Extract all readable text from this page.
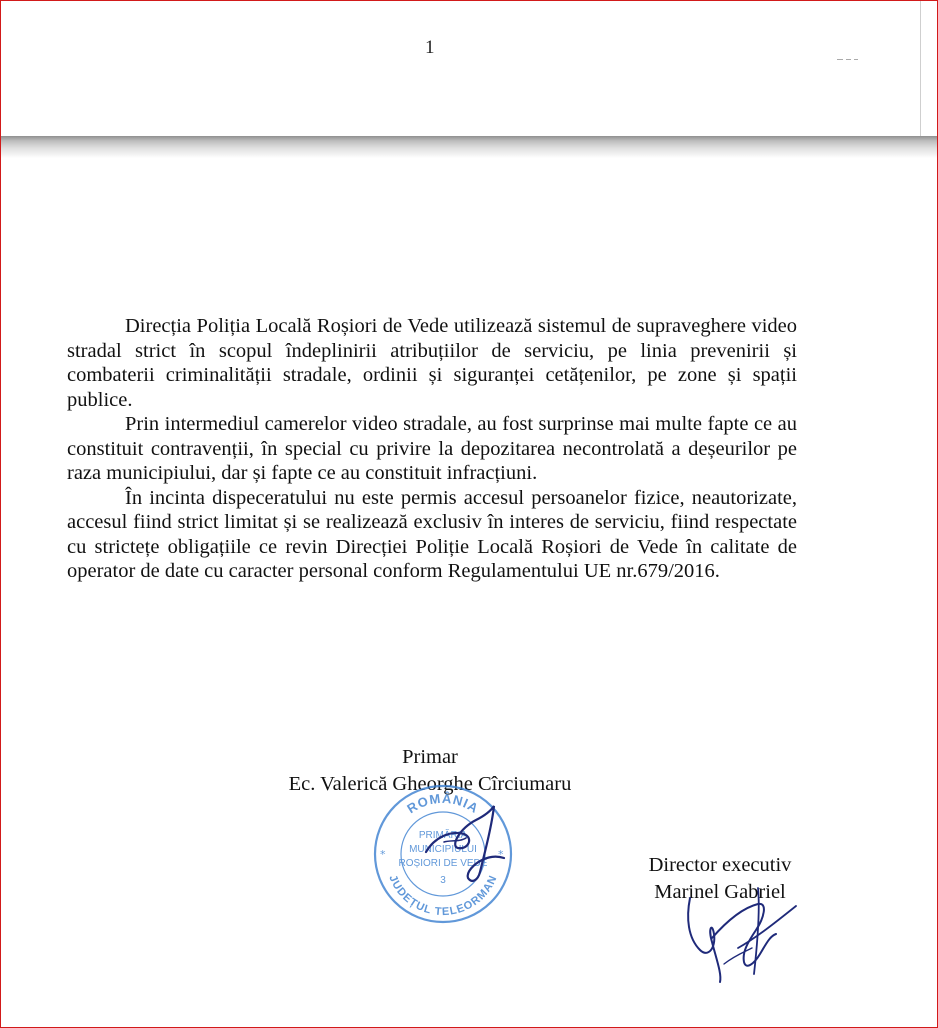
1

Direcția Poliția Locală Roșiori de Vede utilizează sistemul de supraveghere video stradal strict în scopul îndeplinirii atribuțiilor de serviciu, pe linia prevenirii și combaterii criminalității stradale, ordinii și siguranței cetățenilor, pe zone și spații publice.

Prin intermediul camerelor video stradale, au fost surprinse mai multe fapte ce au constituit contravenții, în special cu privire la depozitarea necontrolată a deșeurilor pe raza municipiului, dar și fapte ce au constituit infracțiuni.

În incinta dispeceratului nu este permis accesul persoanelor fizice, neautorizate, accesul fiind strict limitat și se realizează exclusiv în interes de serviciu, fiind respectate cu strictețe obligațiile ce revin Direcției Poliție Locală Roșiori de Vede în calitate de operator de date cu caracter personal conform Regulamentului UE nr.679/2016.

Primar
Ec. Valerică Gheorghe Cîrciumaru
ROMÂNIA
JUDEȚUL TELEORMAN
PRIMĂRIA
MUNICIPIULUI
ROȘIORI DE VEDE
3
*	*	Director executiv
Marinel Gabriel
